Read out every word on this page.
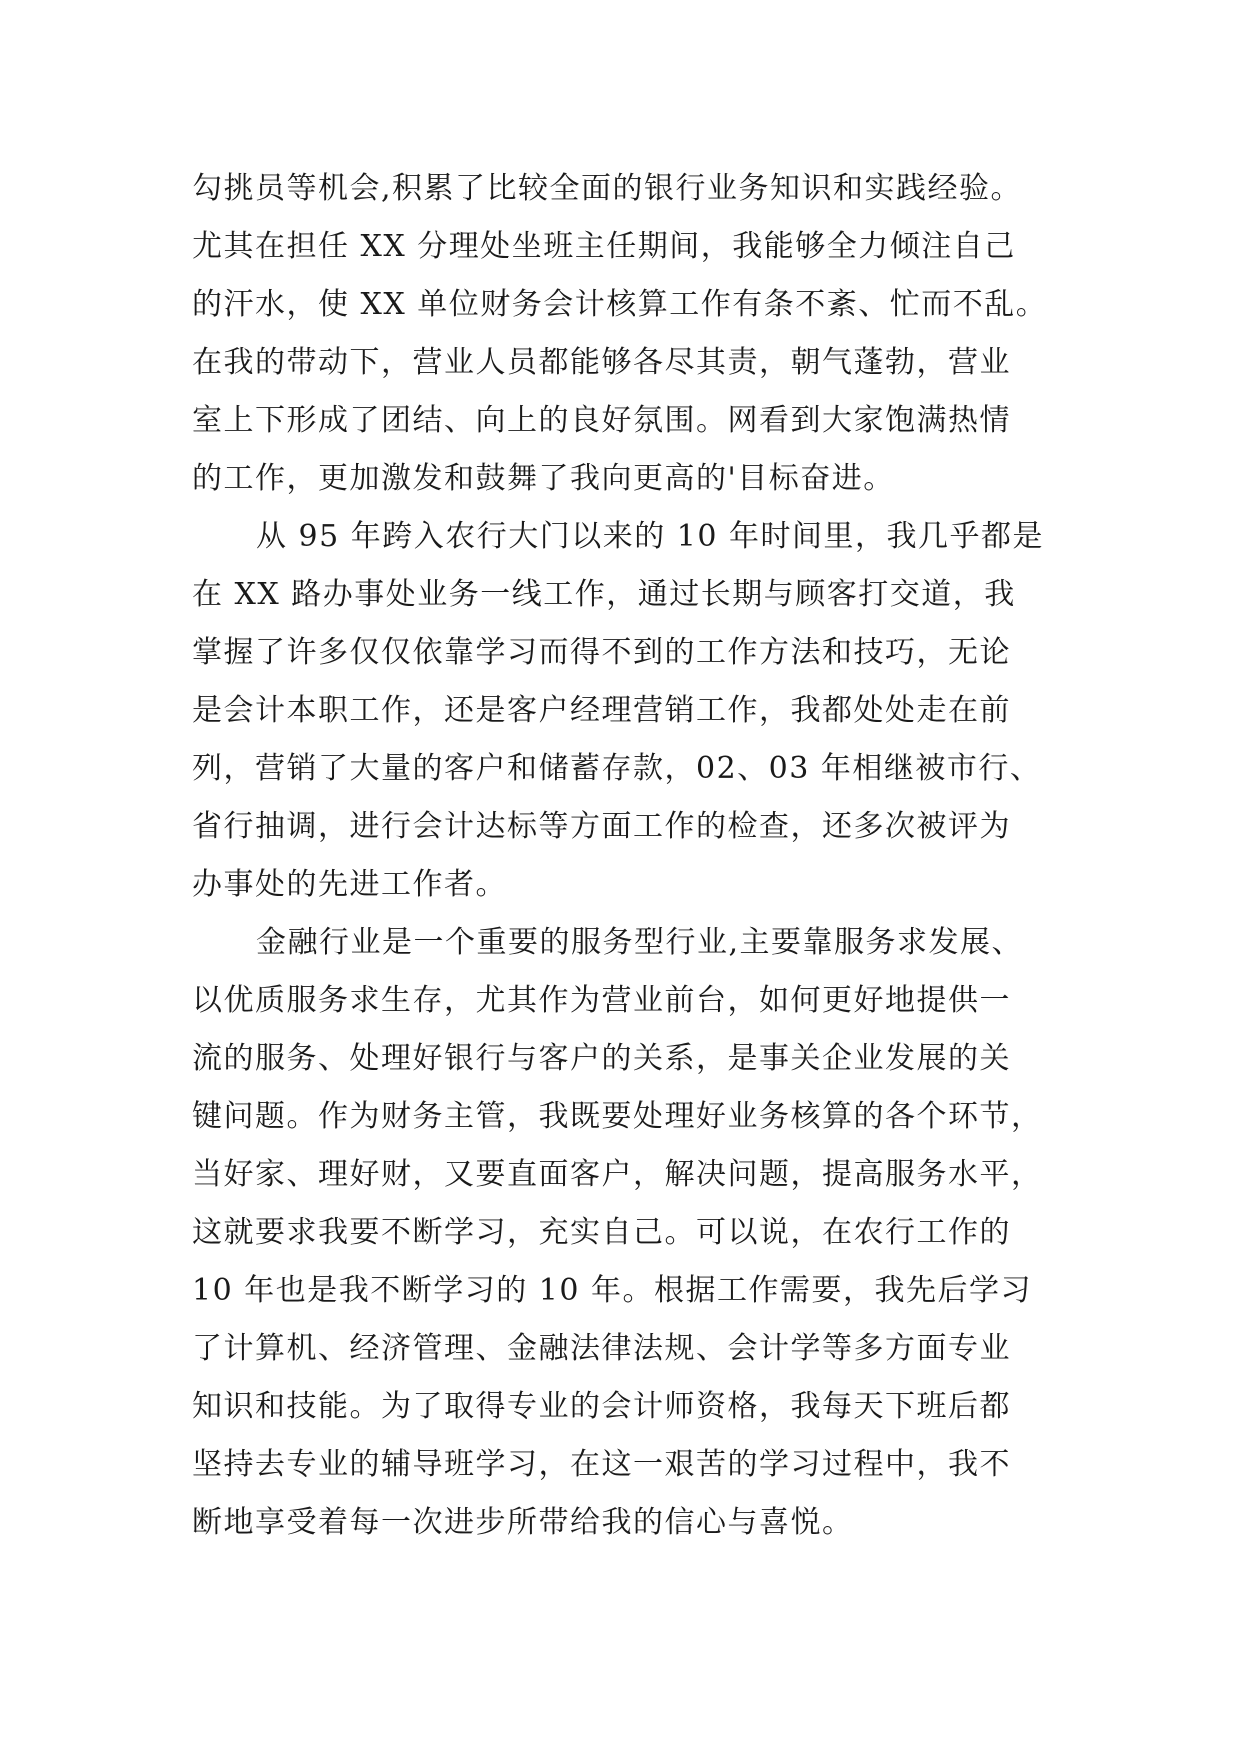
勾挑员等机会,积累了比较全面的银行业务知识和实践经验。
尤其在担任 XX 分理处坐班主任期间，我能够全力倾注自己
的汗水，使 XX 单位财务会计核算工作有条不紊、忙而不乱。
在我的带动下，营业人员都能够各尽其责，朝气蓬勃，营业
室上下形成了团结、向上的良好氛围。网看到大家饱满热情
的工作，更加激发和鼓舞了我向更高的'目标奋进。
从 95 年跨入农行大门以来的 10 年时间里，我几乎都是
在 XX 路办事处业务一线工作，通过长期与顾客打交道，我
掌握了许多仅仅依靠学习而得不到的工作方法和技巧，无论
是会计本职工作，还是客户经理营销工作，我都处处走在前
列，营销了大量的客户和储蓄存款，02、03 年相继被市行、
省行抽调，进行会计达标等方面工作的检查，还多次被评为
办事处的先进工作者。
金融行业是一个重要的服务型行业,主要靠服务求发展、
以优质服务求生存，尤其作为营业前台，如何更好地提供一
流的服务、处理好银行与客户的关系，是事关企业发展的关
键问题。作为财务主管，我既要处理好业务核算的各个环节，
当好家、理好财，又要直面客户，解决问题，提高服务水平，
这就要求我要不断学习，充实自己。可以说，在农行工作的
10 年也是我不断学习的 10 年。根据工作需要，我先后学习
了计算机、经济管理、金融法律法规、会计学等多方面专业
知识和技能。为了取得专业的会计师资格，我每天下班后都
坚持去专业的辅导班学习，在这一艰苦的学习过程中，我不
断地享受着每一次进步所带给我的信心与喜悦。
